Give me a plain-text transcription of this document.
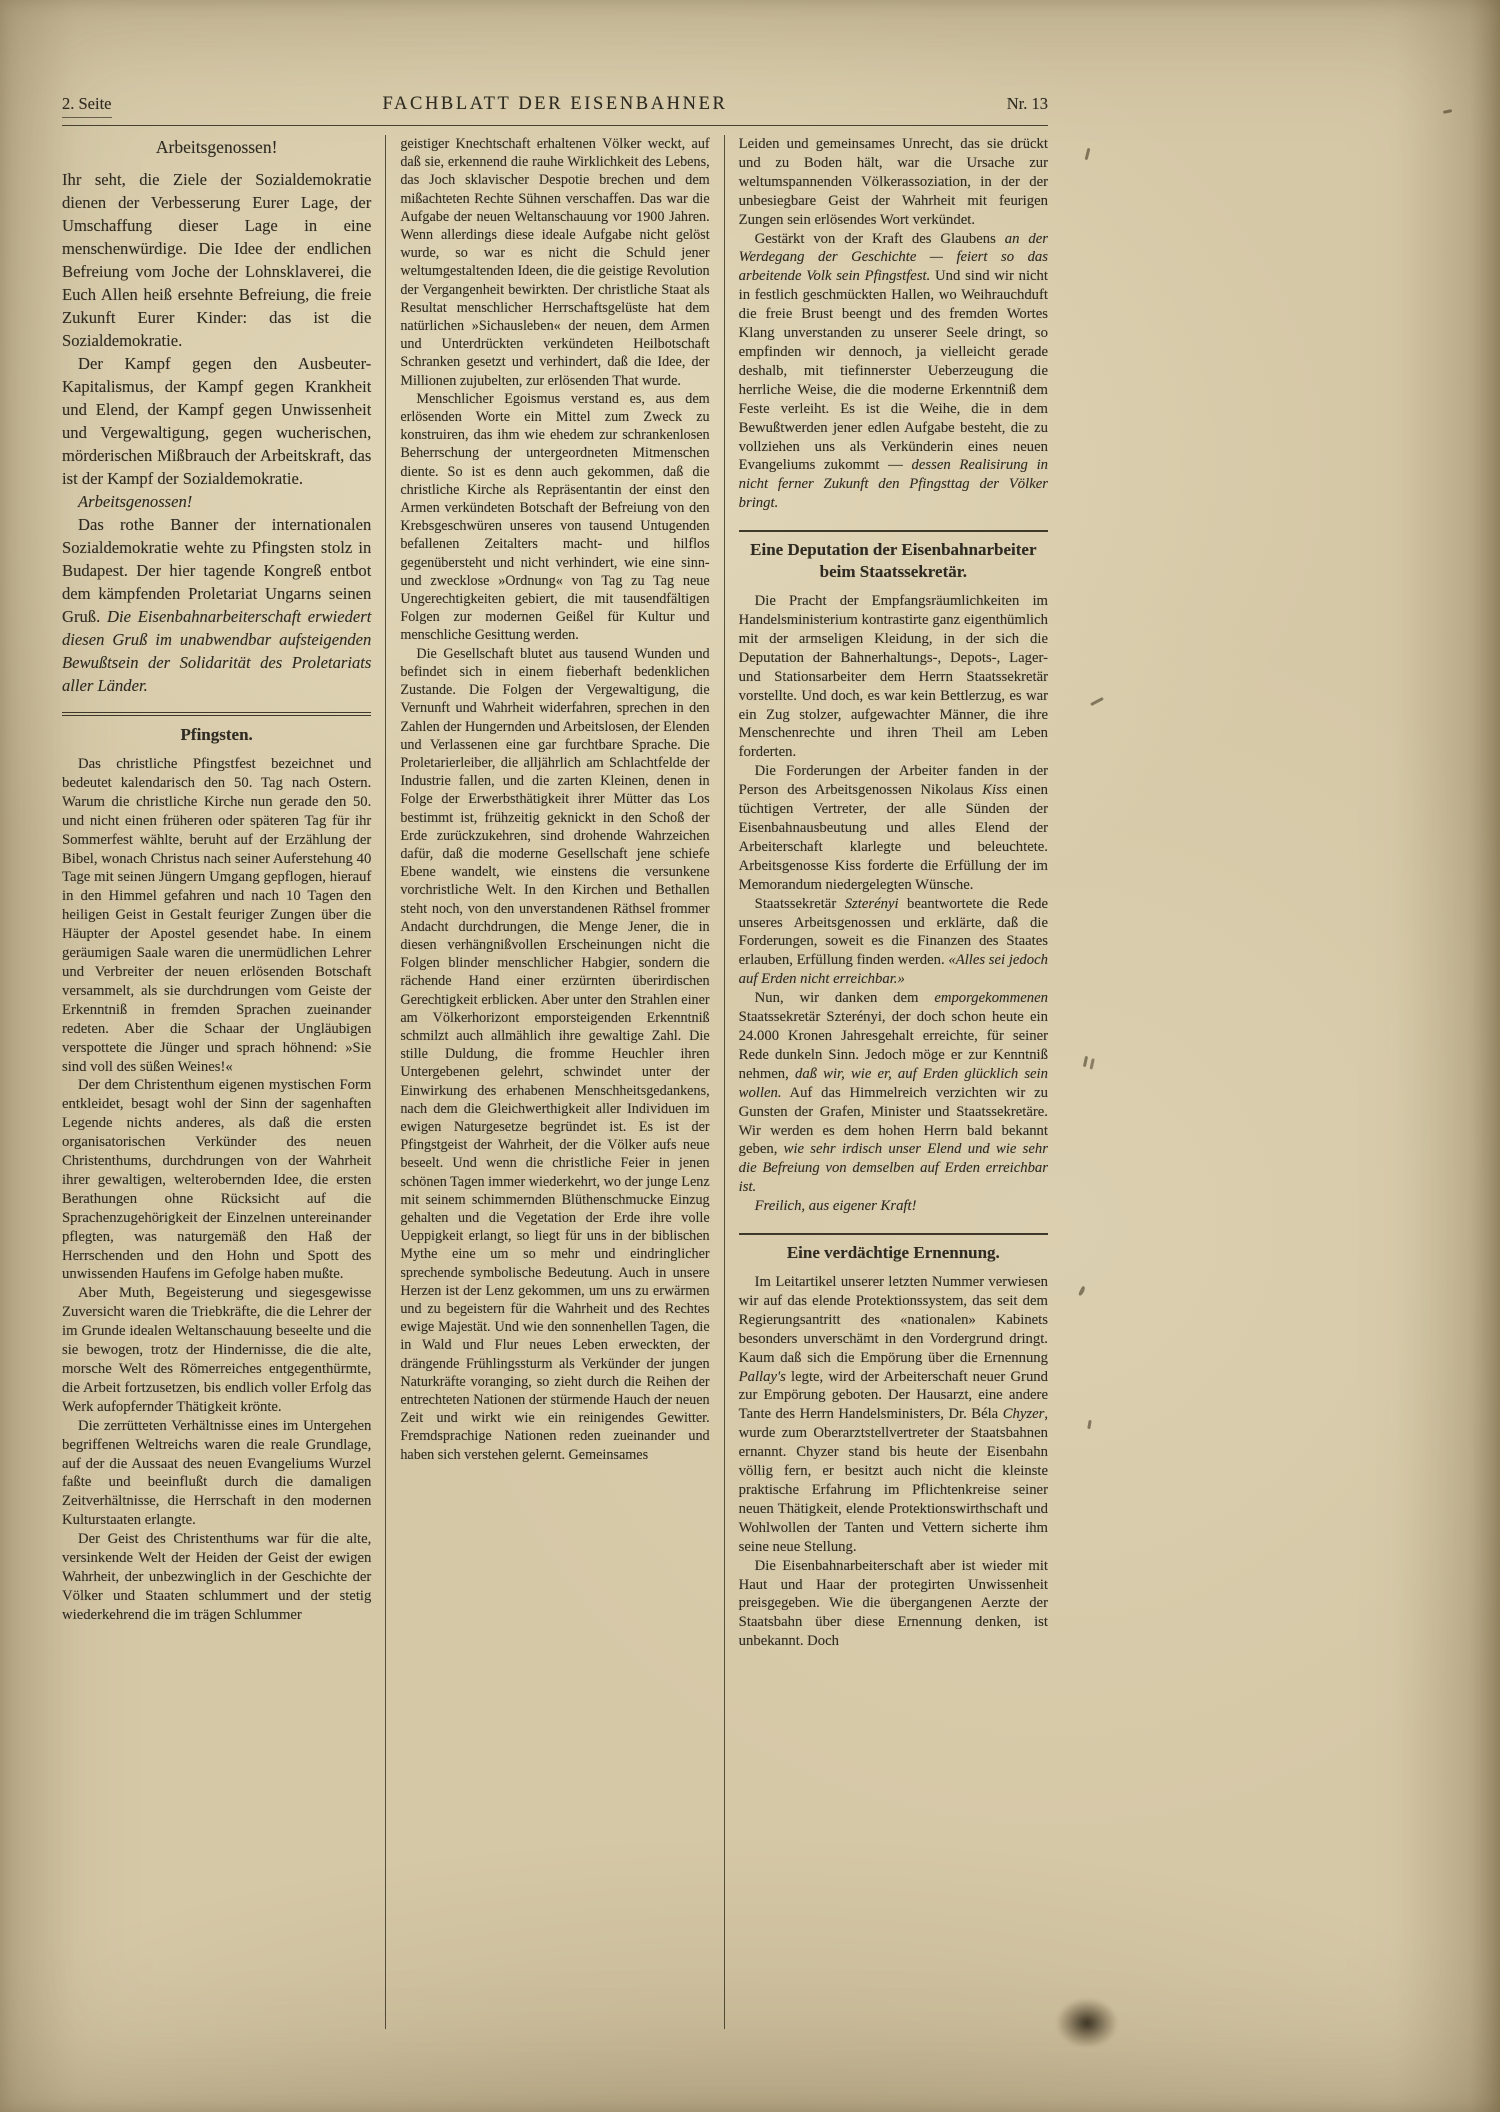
2. Seite	FACHBLATT DER EISENBAHNER	Nr. 13
Arbeitsgenossen!

Ihr seht, die Ziele der Sozialdemokratie dienen der Verbesserung Eurer Lage, der Umschaffung dieser Lage in eine menschenwürdige. Die Idee der endlichen Befreiung vom Joche der Lohnsklaverei, die Euch Allen heiß ersehnte Befreiung, die freie Zukunft Eurer Kinder: das ist die Sozialdemokratie.

Der Kampf gegen den Ausbeuter-Kapitalismus, der Kampf gegen Krankheit und Elend, der Kampf gegen Unwissenheit und Vergewaltigung, gegen wucherischen, mörderischen Mißbrauch der Arbeitskraft, das ist der Kampf der Sozialdemokratie.

Arbeitsgenossen!

Das rothe Banner der internationalen Sozialdemokratie wehte zu Pfingsten stolz in Budapest. Der hier tagende Kongreß entbot dem kämpfenden Proletariat Ungarns seinen Gruß. Die Eisenbahnarbeiterschaft erwiedert diesen Gruß im unabwendbar aufsteigenden Bewußtsein der Solidarität des Proletariats aller Länder.

Pfingsten.

Das christliche Pfingstfest bezeichnet und bedeutet kalendarisch den 50. Tag nach Ostern. Warum die christliche Kirche nun gerade den 50. und nicht einen früheren oder späteren Tag für ihr Sommerfest wählte, beruht auf der Erzählung der Bibel, wonach Christus nach seiner Auferstehung 40 Tage mit seinen Jüngern Umgang gepflogen, hierauf in den Himmel gefahren und nach 10 Tagen den heiligen Geist in Gestalt feuriger Zungen über die Häupter der Apostel gesendet habe. In einem geräumigen Saale waren die unermüdlichen Lehrer und Verbreiter der neuen erlösenden Botschaft versammelt, als sie durchdrungen vom Geiste der Erkenntniß in fremden Sprachen zueinander redeten. Aber die Schaar der Ungläubigen verspottete die Jünger und sprach höhnend: »Sie sind voll des süßen Weines!«

Der dem Christenthum eigenen mystischen Form entkleidet, besagt wohl der Sinn der sagenhaften Legende nichts anderes, als daß die ersten organisatorischen Verkünder des neuen Christenthums, durchdrungen von der Wahrheit ihrer gewaltigen, welterobernden Idee, die ersten Berathungen ohne Rücksicht auf die Sprachenzugehörigkeit der Einzelnen untereinander pflegten, was naturgemäß den Haß der Herrschenden und den Hohn und Spott des unwissenden Haufens im Gefolge haben mußte.

Aber Muth, Begeisterung und siegesgewisse Zuversicht waren die Triebkräfte, die die Lehrer der im Grunde idealen Weltanschauung beseelte und die sie bewogen, trotz der Hindernisse, die die alte, morsche Welt des Römerreiches entgegenthürmte, die Arbeit fortzusetzen, bis endlich voller Erfolg das Werk aufopfernder Thätigkeit krönte.

Die zerrütteten Verhältnisse eines im Untergehen begriffenen Weltreichs waren die reale Grundlage, auf der die Aussaat des neuen Evangeliums Wurzel faßte und beeinflußt durch die damaligen Zeitverhältnisse, die Herrschaft in den modernen Kulturstaaten erlangte.

Der Geist des Christenthums war für die alte, versinkende Welt der Heiden der Geist der ewigen Wahrheit, der unbezwinglich in der Geschichte der Völker und Staaten schlummert und der stetig wiederkehrend die im trägen Schlummer

geistiger Knechtschaft erhaltenen Völker weckt, auf daß sie, erkennend die rauhe Wirklichkeit des Lebens, das Joch sklavischer Despotie brechen und dem mißachteten Rechte Sühnen verschaffen. Das war die Aufgabe der neuen Weltanschauung vor 1900 Jahren. Wenn allerdings diese ideale Aufgabe nicht gelöst wurde, so war es nicht die Schuld jener weltumgestaltenden Ideen, die die geistige Revolution der Vergangenheit bewirkten. Der christliche Staat als Resultat menschlicher Herrschaftsgelüste hat dem natürlichen »Sichausleben« der neuen, dem Armen und Unterdrückten verkündeten Heilbotschaft Schranken gesetzt und verhindert, daß die Idee, der Millionen zujubelten, zur erlösenden That wurde.

Menschlicher Egoismus verstand es, aus dem erlösenden Worte ein Mittel zum Zweck zu konstruiren, das ihm wie ehedem zur schrankenlosen Beherrschung der untergeordneten Mitmenschen diente. So ist es denn auch gekommen, daß die christliche Kirche als Repräsentantin der einst den Armen verkündeten Botschaft der Befreiung von den Krebsgeschwüren unseres von tausend Untugenden befallenen Zeitalters macht- und hilflos gegenübersteht und nicht verhindert, wie eine sinn- und zwecklose »Ordnung« von Tag zu Tag neue Ungerechtigkeiten gebiert, die mit tausendfältigen Folgen zur modernen Geißel für Kultur und menschliche Gesittung werden.

Die Gesellschaft blutet aus tausend Wunden und befindet sich in einem fieberhaft bedenklichen Zustande. Die Folgen der Vergewaltigung, die Vernunft und Wahrheit widerfahren, sprechen in den Zahlen der Hungernden und Arbeitslosen, der Elenden und Verlassenen eine gar furchtbare Sprache. Die Proletarierleiber, die alljährlich am Schlachtfelde der Industrie fallen, und die zarten Kleinen, denen in Folge der Erwerbsthätigkeit ihrer Mütter das Los bestimmt ist, frühzeitig geknickt in den Schoß der Erde zurückzukehren, sind drohende Wahrzeichen dafür, daß die moderne Gesellschaft jene schiefe Ebene wandelt, wie einstens die versunkene vorchristliche Welt. In den Kirchen und Bethallen steht noch, von den unverstandenen Räthsel frommer Andacht durchdrungen, die Menge Jener, die in diesen verhängnißvollen Erscheinungen nicht die Folgen blinder menschlicher Habgier, sondern die rächende Hand einer erzürnten überirdischen Gerechtigkeit erblicken. Aber unter den Strahlen einer am Völkerhorizont emporsteigenden Erkenntniß schmilzt auch allmählich ihre gewaltige Zahl. Die stille Duldung, die fromme Heuchler ihren Untergebenen gelehrt, schwindet unter der Einwirkung des erhabenen Menschheitsgedankens, nach dem die Gleichwerthigkeit aller Individuen im ewigen Naturgesetze begründet ist. Es ist der Pfingstgeist der Wahrheit, der die Völker aufs neue beseelt. Und wenn die christliche Feier in jenen schönen Tagen immer wiederkehrt, wo der junge Lenz mit seinem schimmernden Blüthenschmucke Einzug gehalten und die Vegetation der Erde ihre volle Ueppigkeit erlangt, so liegt für uns in der biblischen Mythe eine um so mehr und eindringlicher sprechende symbolische Bedeutung. Auch in unsere Herzen ist der Lenz gekommen, um uns zu erwärmen und zu begeistern für die Wahrheit und des Rechtes ewige Majestät. Und wie den sonnenhellen Tagen, die in Wald und Flur neues Leben erweckten, der drängende Frühlingssturm als Verkünder der jungen Naturkräfte voranging, so zieht durch die Reihen der entrechteten Nationen der stürmende Hauch der neuen Zeit und wirkt wie ein reinigendes Gewitter. Fremdsprachige Nationen reden zueinander und haben sich verstehen gelernt. Gemeinsames

Leiden und gemeinsames Unrecht, das sie drückt und zu Boden hält, war die Ursache zur weltumspannenden Völkerassoziation, in der der unbesiegbare Geist der Wahrheit mit feurigen Zungen sein erlösendes Wort verkündet.

Gestärkt von der Kraft des Glaubens an der Werdegang der Geschichte — feiert so das arbeitende Volk sein Pfingstfest. Und sind wir nicht in festlich geschmückten Hallen, wo Weihrauchduft die freie Brust beengt und des fremden Wortes Klang unverstanden zu unserer Seele dringt, so empfinden wir dennoch, ja vielleicht gerade deshalb, mit tiefinnerster Ueberzeugung die herrliche Weise, die die moderne Erkenntniß dem Feste verleiht. Es ist die Weihe, die in dem Bewußtwerden jener edlen Aufgabe besteht, die zu vollziehen uns als Verkünderin eines neuen Evangeliums zukommt — dessen Realisirung in nicht ferner Zukunft den Pfingsttag der Völker bringt.

Eine Deputation der Eisenbahnarbeiter beim Staatssekretär.

Die Pracht der Empfangsräumlichkeiten im Handelsministerium kontrastirte ganz eigenthümlich mit der armseligen Kleidung, in der sich die Deputation der Bahnerhaltungs-, Depots-, Lager- und Stationsarbeiter dem Herrn Staatssekretär vorstellte. Und doch, es war kein Bettlerzug, es war ein Zug stolzer, aufgewachter Männer, die ihre Menschenrechte und ihren Theil am Leben forderten.

Die Forderungen der Arbeiter fanden in der Person des Arbeitsgenossen Nikolaus Kiss einen tüchtigen Vertreter, der alle Sünden der Eisenbahnausbeutung und alles Elend der Arbeiterschaft klarlegte und beleuchtete. Arbeitsgenosse Kiss forderte die Erfüllung der im Memorandum niedergelegten Wünsche.

Staatssekretär Szterényi beantwortete die Rede unseres Arbeitsgenossen und erklärte, daß die Forderungen, soweit es die Finanzen des Staates erlauben, Erfüllung finden werden. «Alles sei jedoch auf Erden nicht erreichbar.»

Nun, wir danken dem emporgekommenen Staatssekretär Szterényi, der doch schon heute ein 24.000 Kronen Jahresgehalt erreichte, für seiner Rede dunkeln Sinn. Jedoch möge er zur Kenntniß nehmen, daß wir, wie er, auf Erden glücklich sein wollen. Auf das Himmelreich verzichten wir zu Gunsten der Grafen, Minister und Staatssekretäre. Wir werden es dem hohen Herrn bald bekannt geben, wie sehr irdisch unser Elend und wie sehr die Befreiung von demselben auf Erden erreichbar ist.

Freilich, aus eigener Kraft!

Eine verdächtige Ernennung.

Im Leitartikel unserer letzten Nummer verwiesen wir auf das elende Protektionssystem, das seit dem Regierungsantritt des «nationalen» Kabinets besonders unverschämt in den Vordergrund dringt. Kaum daß sich die Empörung über die Ernennung Pallay's legte, wird der Arbeiterschaft neuer Grund zur Empörung geboten. Der Hausarzt, eine andere Tante des Herrn Handelsministers, Dr. Béla Chyzer, wurde zum Oberarztstellvertreter der Staatsbahnen ernannt. Chyzer stand bis heute der Eisenbahn völlig fern, er besitzt auch nicht die kleinste praktische Erfahrung im Pflichtenkreise seiner neuen Thätigkeit, elende Protektionswirthschaft und Wohlwollen der Tanten und Vettern sicherte ihm seine neue Stellung.

Die Eisenbahnarbeiterschaft aber ist wieder mit Haut und Haar der protegirten Unwissenheit preisgegeben. Wie die übergangenen Aerzte der Staatsbahn über diese Ernennung denken, ist unbekannt. Doch
